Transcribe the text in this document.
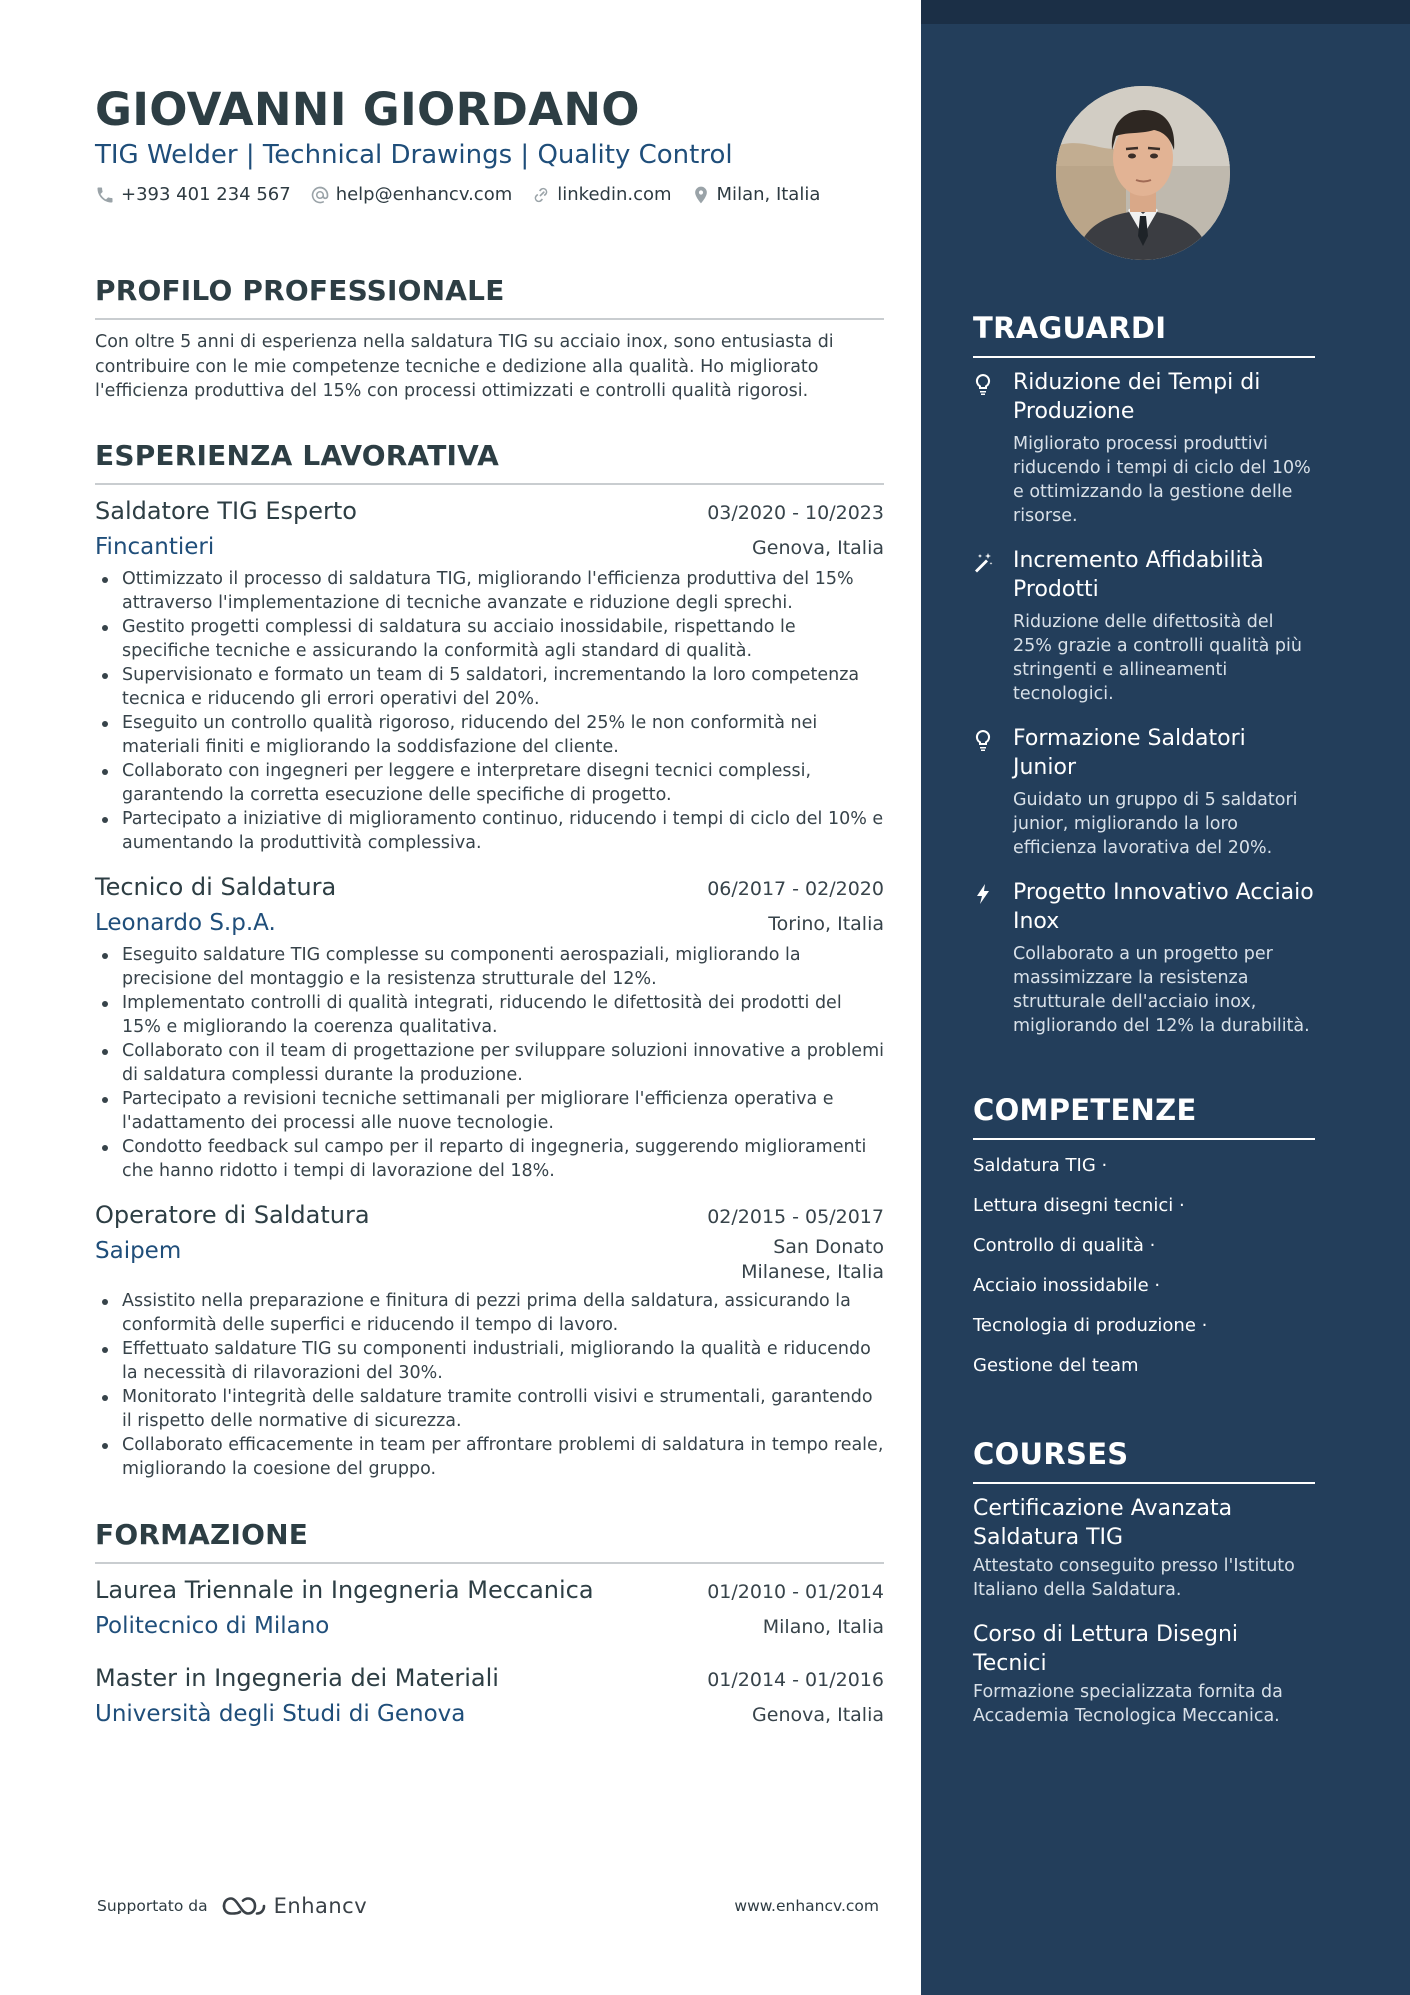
GIOVANNI GIORDANO
TIG Welder | Technical Drawings | Quality Control
+393 401 234 567	help@enhancv.com	linkedin.com	Milan, Italia
PROFILO PROFESSIONALE

Con oltre 5 anni di esperienza nella saldatura TIG su acciaio inox, sono entusiasta di contribuire con le mie competenze tecniche e dedizione alla qualità. Ho migliorato l'efficienza produttiva del 15% con processi ottimizzati e controlli qualità rigorosi.

ESPERIENZA LAVORATIVA
Saldatore TIG Esperto	03/2020 - 10/2023
Fincantieri	Genova, Italia
Ottimizzato il processo di saldatura TIG, migliorando l'efficienza produttiva del 15% attraverso l'implementazione di tecniche avanzate e riduzione degli sprechi.
Gestito progetti complessi di saldatura su acciaio inossidabile, rispettando le specifiche tecniche e assicurando la conformità agli standard di qualità.
Supervisionato e formato un team di 5 saldatori, incrementando la loro competenza tecnica e riducendo gli errori operativi del 20%.
Eseguito un controllo qualità rigoroso, riducendo del 25% le non conformità nei materiali finiti e migliorando la soddisfazione del cliente.
Collaborato con ingegneri per leggere e interpretare disegni tecnici complessi, garantendo la corretta esecuzione delle specifiche di progetto.
Partecipato a iniziative di miglioramento continuo, riducendo i tempi di ciclo del 10% e aumentando la produttività complessiva.
Tecnico di Saldatura	06/2017 - 02/2020
Leonardo S.p.A.	Torino, Italia
Eseguito saldature TIG complesse su componenti aerospaziali, migliorando la precisione del montaggio e la resistenza strutturale del 12%.
Implementato controlli di qualità integrati, riducendo le difettosità dei prodotti del 15% e migliorando la coerenza qualitativa.
Collaborato con il team di progettazione per sviluppare soluzioni innovative a problemi di saldatura complessi durante la produzione.
Partecipato a revisioni tecniche settimanali per migliorare l'efficienza operativa e l'adattamento dei processi alle nuove tecnologie.
Condotto feedback sul campo per il reparto di ingegneria, suggerendo miglioramenti che hanno ridotto i tempi di lavorazione del 18%.
Operatore di Saldatura	02/2015 - 05/2017
Saipem	San Donato
Milanese, Italia
Assistito nella preparazione e finitura di pezzi prima della saldatura, assicurando la conformità delle superfici e riducendo il tempo di lavoro.
Effettuato saldature TIG su componenti industriali, migliorando la qualità e riducendo la necessità di rilavorazioni del 30%.
Monitorato l'integrità delle saldature tramite controlli visivi e strumentali, garantendo il rispetto delle normative di sicurezza.
Collaborato efficacemente in team per affrontare problemi di saldatura in tempo reale, migliorando la coesione del gruppo.
FORMAZIONE
Laurea Triennale in Ingegneria Meccanica	01/2010 - 01/2014
Politecnico di Milano	Milano, Italia
Master in Ingegneria dei Materiali	01/2014 - 01/2016
Università degli Studi di Genova	Genova, Italia
Supportato da	Enhancv	www.enhancv.com
TRAGUARDI
Riduzione dei Tempi di Produzione
Migliorato processi produttivi riducendo i tempi di ciclo del 10% e ottimizzando la gestione delle risorse.
Incremento Affidabilità Prodotti
Riduzione delle difettosità del 25% grazie a controlli qualità più stringenti e allineamenti tecnologici.
Formazione Saldatori Junior
Guidato un gruppo di 5 saldatori junior, migliorando la loro efficienza lavorativa del 20%.
Progetto Innovativo Acciaio Inox
Collaborato a un progetto per massimizzare la resistenza strutturale dell'acciaio inox, migliorando del 12% la durabilità.
COMPETENZE
Saldatura TIG ·
Lettura disegni tecnici ·
Controllo di qualità ·
Acciaio inossidabile ·
Tecnologia di produzione ·
Gestione del team
COURSES
Certificazione Avanzata Saldatura TIG
Attestato conseguito presso l'Istituto Italiano della Saldatura.
Corso di Lettura Disegni Tecnici
Formazione specializzata fornita da Accademia Tecnologica Meccanica.
